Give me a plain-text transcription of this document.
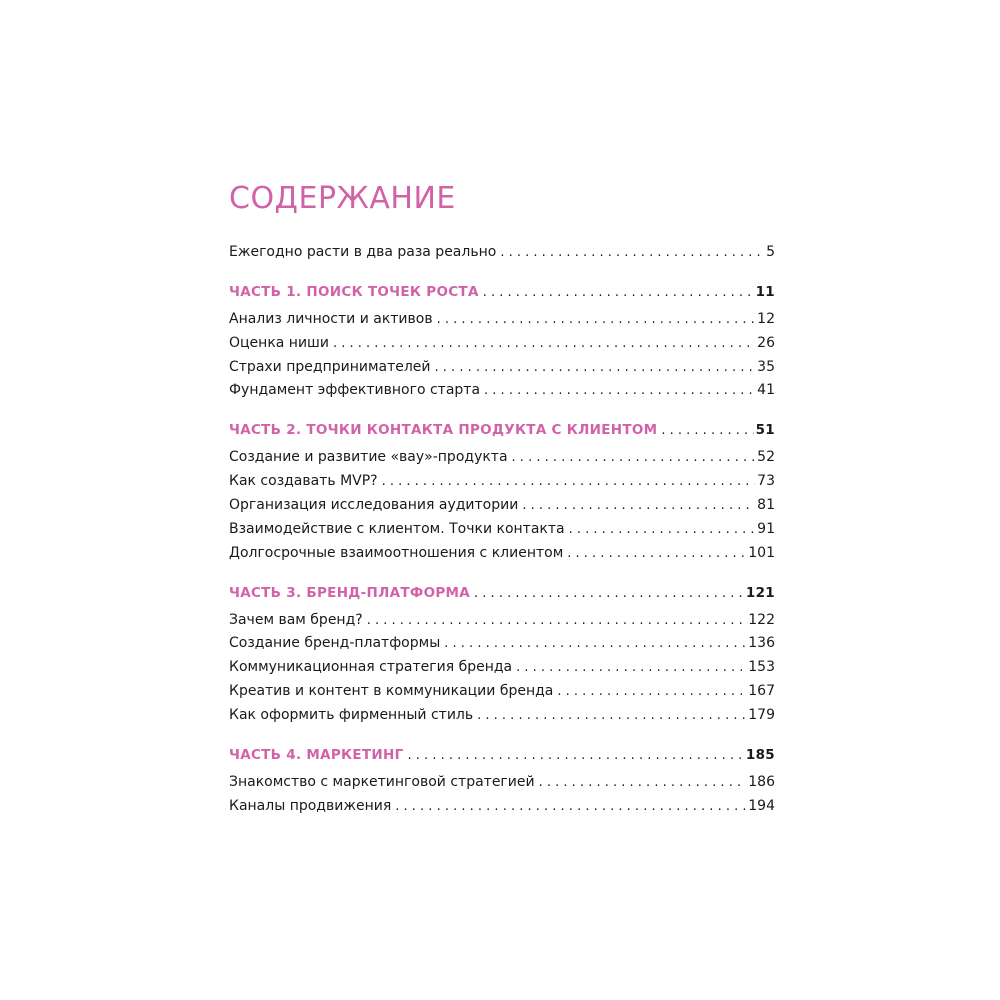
СОДЕРЖАНИЕ
Ежегодно расти в два раза реально . . .	5
ЧАСТЬ 1. ПОИСК ТОЧЕК РОСТА . . .	11
Анализ личности и активов . . .	12
Оценка ниши . . .	26
Страхи предпринимателей . . .	35
Фундамент эффективного старта . . .	41
ЧАСТЬ 2. ТОЧКИ КОНТАКТА ПРОДУКТА С КЛИЕНТОМ . . .	51
Создание и развитие «вау»-продукта . . .	52
Как создавать MVP? . . .	73
Организация исследования аудитории . . .	81
Взаимодействие с клиентом. Точки контакта . . .	91
Долгосрочные взаимоотношения с клиентом . . .	101
ЧАСТЬ 3. БРЕНД-ПЛАТФОРМА . . .	121
Зачем вам бренд? . . .	122
Создание бренд-платформы . . .	136
Коммуникационная стратегия бренда . . .	153
Креатив и контент в коммуникации бренда . . .	167
Как оформить фирменный стиль . . .	179
ЧАСТЬ 4. МАРКЕТИНГ . . .	185
Знакомство с маркетинговой стратегией . . .	186
Каналы продвижения . . .	194
